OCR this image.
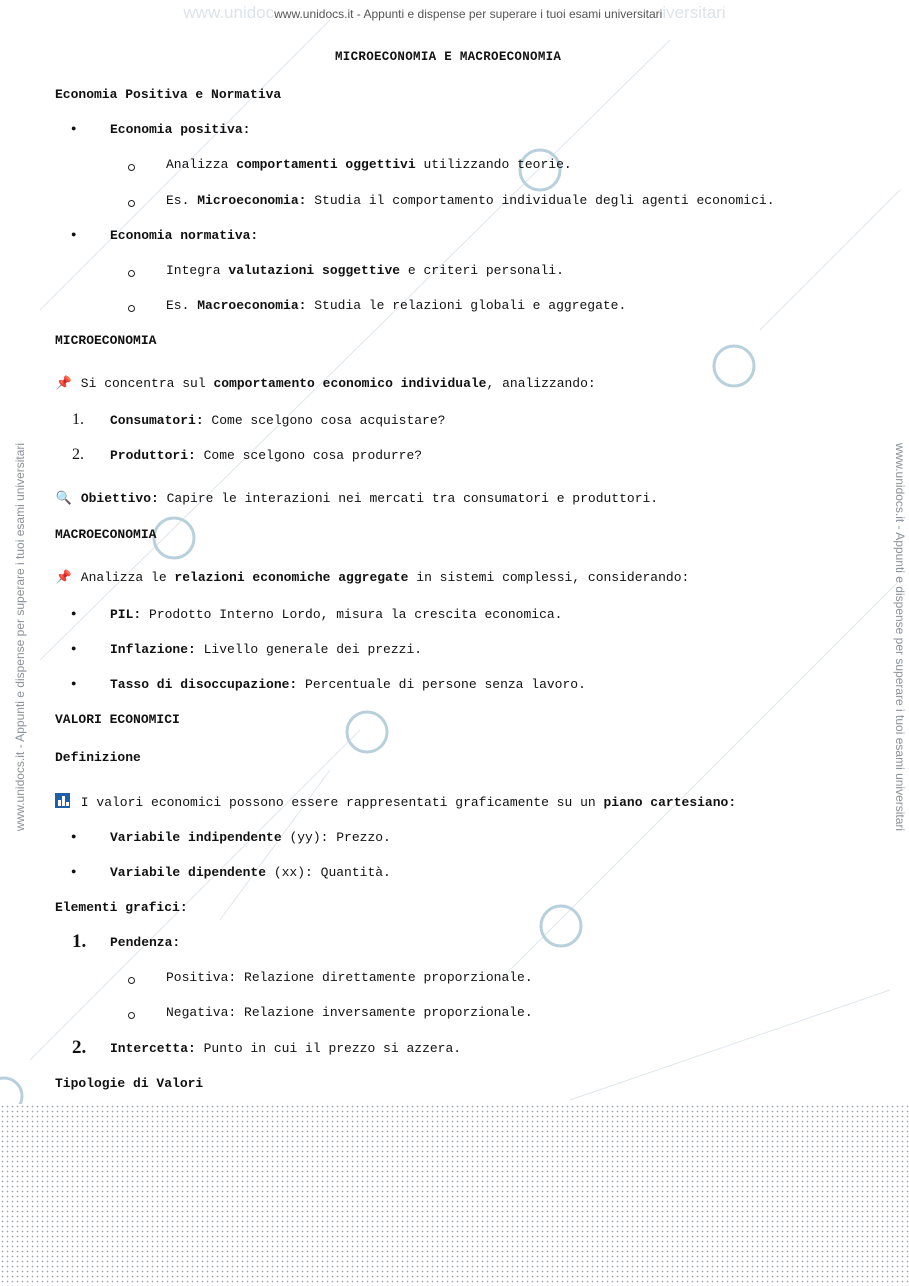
www.unidocwww.unidocs.it - Appunti e dispense per superare i tuoi esami universitariiversitari
www.unidocs.it - Appunti e dispense per superare i tuoi esami universitari	www.unidocs.it - Appunti e dispense per superare i tuoi esami universitari
MICROECONOMIA E MACROECONOMIA
Economia Positiva e Normativa
●	Economia positiva:
Analizza comportamenti oggettivi utilizzando teorie.
Es. Microeconomia: Studia il comportamento individuale degli agenti economici.
●	Economia normativa:
Integra valutazioni soggettive e criteri personali.
Es. Macroeconomia: Studia le relazioni globali e aggregate.
MICROECONOMIA
📌 Si concentra sul comportamento economico individuale, analizzando:
1. Consumatori: Come scelgono cosa acquistare?
2. Produttori: Come scelgono cosa produrre?
🔍 Obiettivo: Capire le interazioni nei mercati tra consumatori e produttori.
MACROECONOMIA
📌 Analizza le relazioni economiche aggregate in sistemi complessi, considerando:
●	PIL: Prodotto Interno Lordo, misura la crescita economica.
●	Inflazione: Livello generale dei prezzi.
●	Tasso di disoccupazione: Percentuale di persone senza lavoro.
VALORI ECONOMICI
Definizione
I valori economici possono essere rappresentati graficamente su un piano cartesiano:
●	Variabile indipendente (yy): Prezzo.
●	Variabile dipendente (xx): Quantità.
Elementi grafici:
1. Pendenza:
Positiva: Relazione direttamente proporzionale.
Negativa: Relazione inversamente proporzionale.
2. Intercetta: Punto in cui il prezzo si azzera.
Tipologie di Valori
